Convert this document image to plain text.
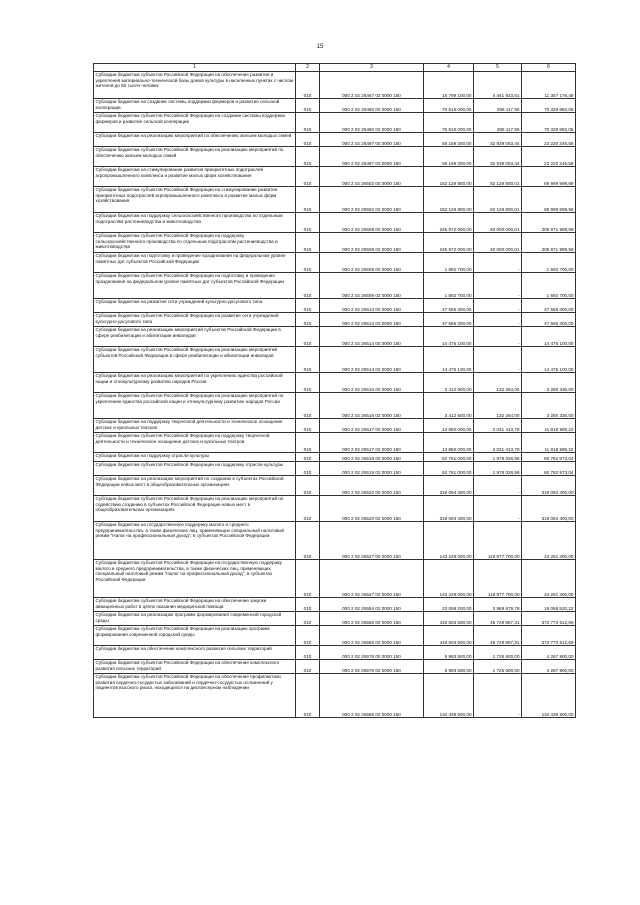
15
1	2	3	4	5	6
Субсидии бюджетам субъектов Российской Федерации на обеспечение развития и укрепления материально-технической базы домов культуры в населенных пунктах с числом жителей до 50 тысяч человек	010	000 2 02 25467 02 0000 150	15 799 100,00	4 441 923,51	11 357 176,49
Субсидии бюджетам на создание системы поддержки фермеров и развитие сельской кооперации	010	000 2 02 25480 00 0000 150	70 615 000,00	285 117,95	70 329 882,05
Субсидии бюджетам субъектов Российской Федерации на создание системы поддержки фермеров и развитие сельской кооперации	010	000 2 02 25480 02 0000 150	70 615 000,00	285 117,95	70 329 882,05
Субсидии бюджетам на реализацию мероприятий по обеспечению жильем молодых семей	010	000 2 02 25497 00 0000 150	56 159 300,00	32 939 053,44	23 220 246,56
Субсидии бюджетам субъектов Российской Федерации на реализацию мероприятий по обеспечению жильем молодых семей	010	000 2 02 25497 02 0000 150	56 159 300,00	32 939 053,44	23 220 246,56
Субсидии бюджетам на стимулирование развития приоритетных подотраслей агропромышленного комплекса и развитие малых форм хозяйствования	010	000 2 02 25502 00 0000 150	152 129 800,00	82 129 800,01	69 999 999,99
Субсидии бюджетам субъектов Российской Федерации на стимулирование развития приоритетных подотраслей агропромышленного комплекса и развитие малых форм хозяйствования	010	000 2 02 25502 02 0000 150	152 129 800,00	82 129 800,01	69 999 999,99
Субсидии бюджетам на поддержку сельскохозяйственного производства по отдельным подотраслям растениеводства и животноводства	010	000 2 02 25508 00 0000 150	245 972 000,00	40 000 000,01	205 971 999,99
Субсидии бюджетам субъектов Российской Федерации на поддержку сельскохозяйственного производства по отдельным подотраслям растениеводства и животноводства	010	000 2 02 25508 02 0000 150	245 972 000,00	40 000 000,01	205 971 999,99
Субсидии бюджетам на подготовку и проведение празднования на федеральном уровне памятных дат субъектов Российской Федерации	010	000 2 02 25509 00 0000 150	1 692 700,00	-	1 692 700,00
Субсидии бюджетам субъектов Российской Федерации на подготовку и проведение празднования на федеральном уровне памятных дат субъектов Российской Федерации	010	000 2 02 25509 02 0000 150	1 692 700,00	-	1 692 700,00
Субсидии бюджетам на развитие сети учреждений культурно-досугового типа	010	000 2 02 25513 00 0000 150	47 565 300,00	-	47 565 300,00
Субсидии бюджетам субъектов Российской Федерации на развитие сети учреждений культурно-досугового типа	010	000 2 02 25513 02 0000 150	47 565 300,00	-	47 565 300,00
Субсидии бюджетам на реализацию мероприятий субъектов Российской Федерации в сфере реабилитации и абилитации инвалидов	010	000 2 02 25514 00 0000 150	14 475 100,00	-	14 475 100,00
Субсидии бюджетам субъектов Российской Федерации на реализацию мероприятий субъектов Российской Федерации в сфере реабилитации и абилитации инвалидов	010	000 2 02 25514 02 0000 150	14 475 100,00	-	14 475 100,00
Субсидии бюджетам на реализацию мероприятий по укреплению единства российской нации и этнокультурному развитию народов России	010	000 2 02 25516 00 0000 150	3 412 600,00	132 264,00	3 280 336,00
Субсидии бюджетам субъектов Российской Федерации на реализацию мероприятий по укреплению единства российской нации и этнокультурному развитию народов России	010	000 2 02 25516 02 0000 150	3 412 600,00	132 264,00	3 280 336,00
Субсидии бюджетам на поддержку творческой деятельности и техническое оснащение детских и кукольных театров	010	000 2 02 25517 00 0000 150	13 850 000,00	2 031 413,78	11 818 586,22
Субсидии бюджетам субъектов Российской Федерации на поддержку творческой деятельности и техническое оснащение детских и кукольных театров	010	000 2 02 25517 02 0000 150	13 850 000,00	2 031 413,78	11 818 586,22
Субсидии бюджетам на поддержку отрасли культуры	010	000 2 02 25519 00 0000 150	62 761 000,00	1 978 026,96	60 782 973,04
Субсидии бюджетам субъектов Российской Федерации на поддержку отрасли культуры	010	000 2 02 25519 02 0000 150	62 761 000,00	1 978 026,96	60 782 973,04
Субсидии бюджетам на реализацию мероприятий по созданию в субъектах Российской Федерации новых мест в общеобразовательных организациях	010	000 2 02 25520 00 0000 150	319 094 400,00	-	319 094 400,00
Субсидии бюджетам субъектов Российской Федерации на реализацию мероприятий по содействию созданию в субъектах Российской Федерации новых мест в общеобразовательных организациях	010	000 2 02 25520 02 0000 150	319 094 400,00	-	319 094 400,00
Субсидии бюджетам на государственную поддержку малого и среднего предпринимательства, а также физических лиц, применяющих специальный налоговый режим "Налог на профессиональный доход", в субъектах Российской Федерации	010	000 2 02 25527 00 0000 150	143 229 000,00	118 977 700,00	24 251 300,00
Субсидии бюджетам субъектов Российской Федерации на государственную поддержку малого и среднего предпринимательства, а также физических лиц, применяющих специальный налоговый режим "Налог на профессиональный доход", в субъектах Российской Федерации	010	000 2 02 25527 02 0000 150	143 229 000,00	118 977 700,00	24 251 300,00
Субсидии бюджетам субъектов Российской Федерации на обеспечение закупки авиационных работ в целях оказания медицинской помощи	010	000 2 02 25554 02 0000 150	23 058 200,00	3 989 679,78	19 068 520,22
Субсидии бюджетам на реализацию программ формирования современной городской среды	010	000 2 02 25555 00 0000 150	418 503 500,00	45 729 887,31	372 773 612,69
Субсидии бюджетам субъектов Российской Федерации на реализацию программ формирования современной городской среды	010	000 2 02 25555 02 0000 150	418 503 500,00	45 729 887,31	372 773 612,69
Субсидии бюджетам на обеспечение комплексного развития сельских территорий	010	000 2 02 25576 00 0000 150	5 993 500,00	1 725 600,00	4 267 900,00
Субсидии бюджетам субъектов Российской Федерации на обеспечение комплексного развития сельских территорий	010	000 2 02 25576 02 0000 150	5 993 500,00	1 725 600,00	4 267 900,00
Субсидии бюджетам субъектов Российской Федерации на обеспечение профилактики развития сердечно-сосудистых заболеваний и сердечно-сосудистых осложнений у пациентов высокого риска, находящихся на диспансерном наблюдении	010	000 2 02 25586 02 0000 150	134 439 500,00	-	134 439 500,00
